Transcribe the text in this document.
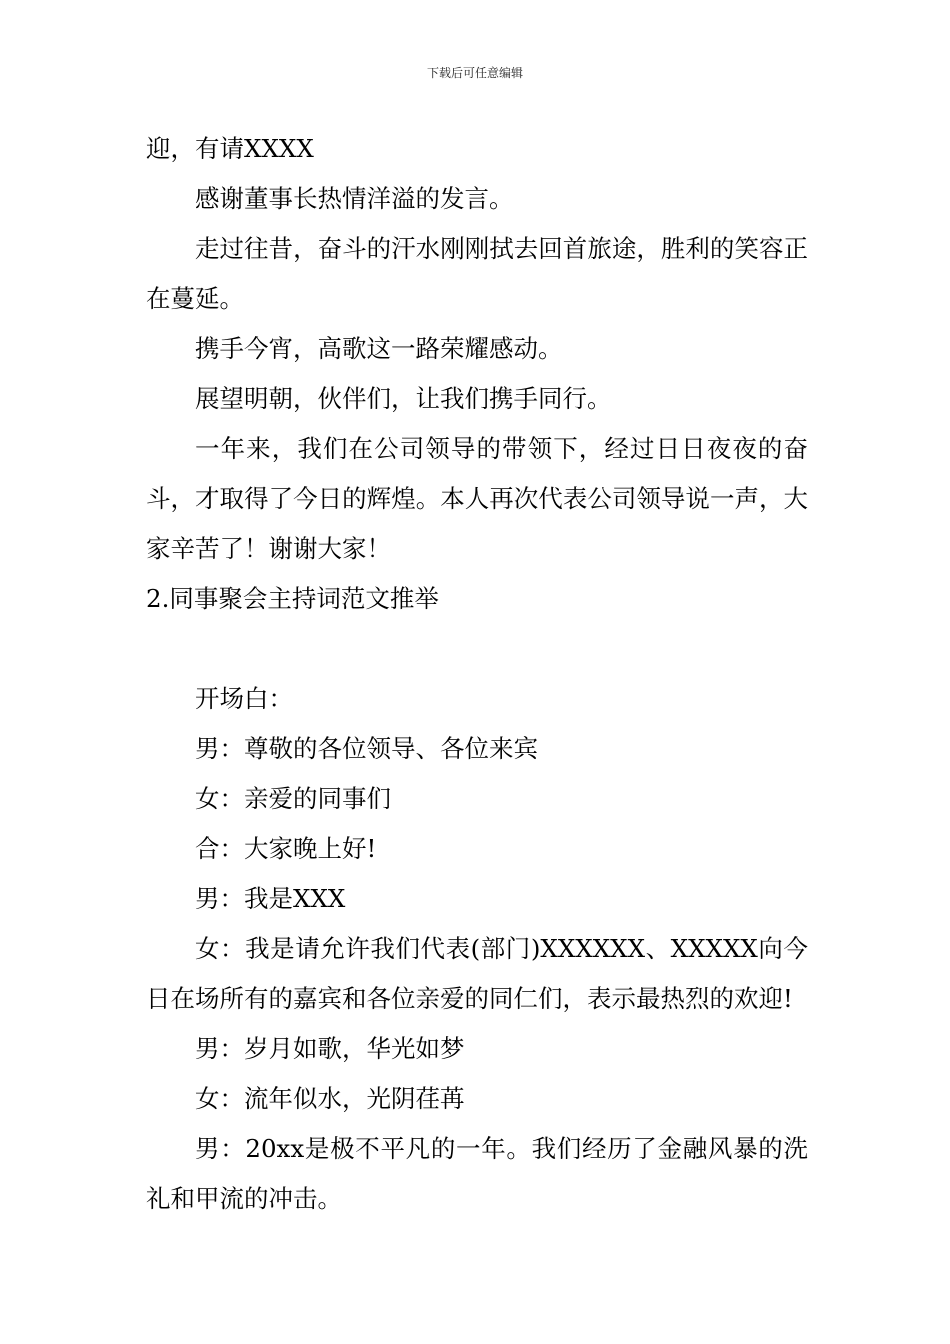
下载后可任意编辑

迎，有请XXXX

感谢董事长热情洋溢的发言。

走过往昔，奋斗的汗水刚刚拭去回首旅途，胜利的笑容正在蔓延。

携手今宵，高歌这一路荣耀感动。

展望明朝，伙伴们，让我们携手同行。

一年来，我们在公司领导的带领下，经过日日夜夜的奋斗，才取得了今日的辉煌。本人再次代表公司领导说一声，大家辛苦了！谢谢大家！

2.同事聚会主持词范文推举

开场白：

男：尊敬的各位领导、各位来宾

女：亲爱的同事们

合：大家晚上好!

男：我是XXX

女：我是请允许我们代表(部门)XXXXXX、XXXXX向今日在场所有的嘉宾和各位亲爱的同仁们，表示最热烈的欢迎!

男：岁月如歌，华光如梦

女：流年似水，光阴荏苒

男：20xx是极不平凡的一年。我们经历了金融风暴的洗礼和甲流的冲击。
